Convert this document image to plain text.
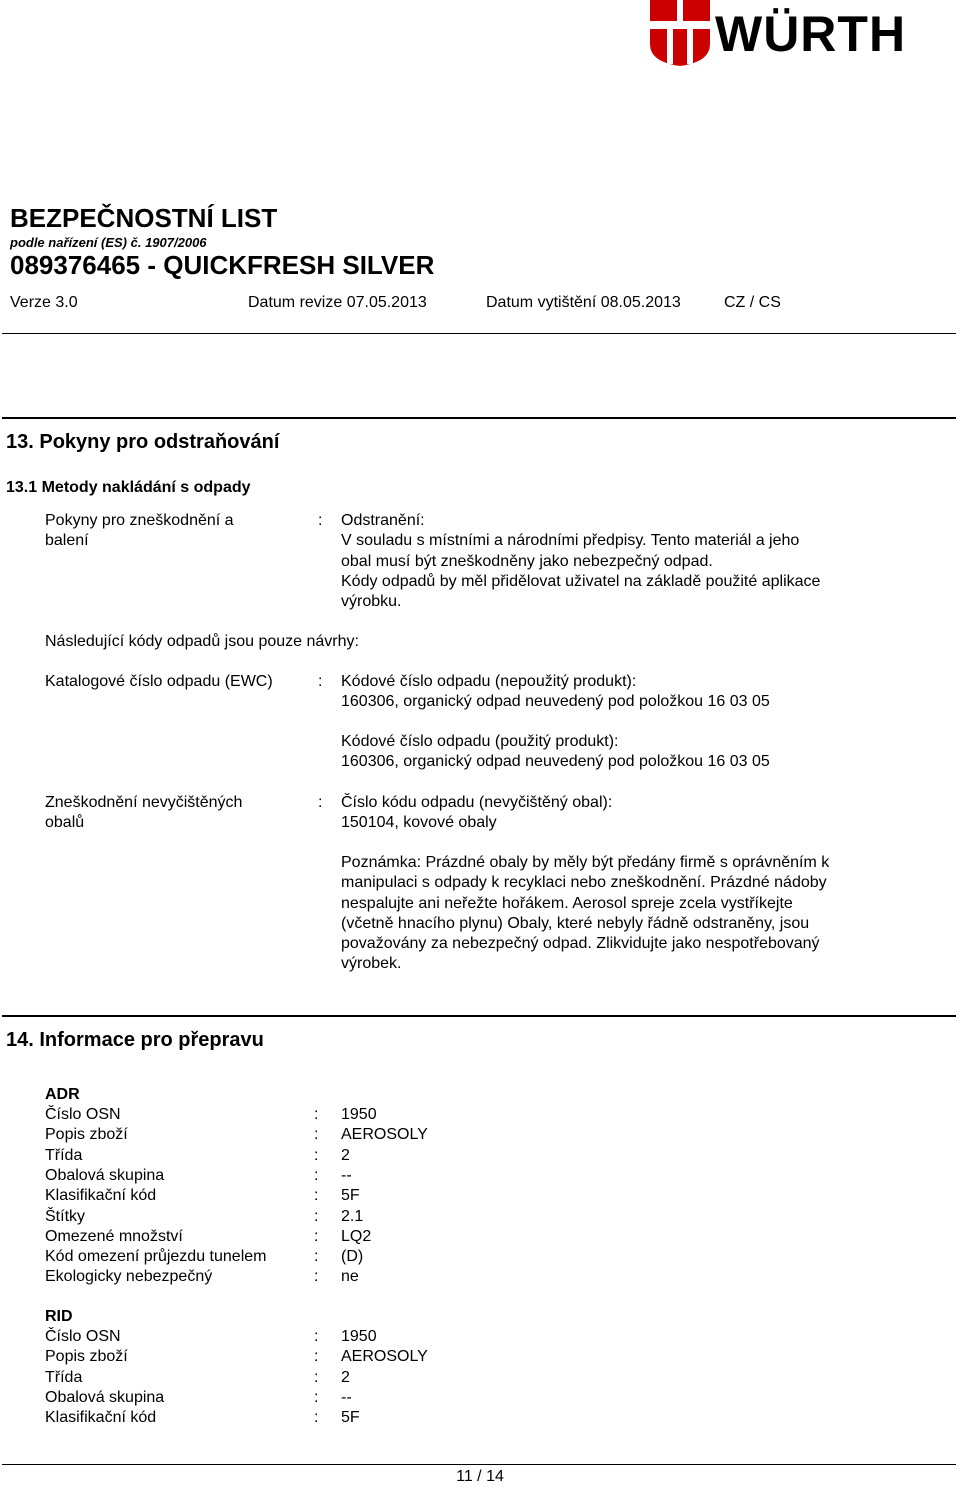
WÜRTH
BEZPEČNOSTNÍ LIST
podle nařízení (ES) č. 1907/2006
089376465 - QUICKFRESH SILVER
Verze 3.0	Datum revize 07.05.2013	Datum vytištění 08.05.2013	CZ / CS
13. Pokyny pro odstraňování
13.1 Metody nakládání s odpady
Pokyny pro zneškodnění a
balení
: Odstranění:
V souladu s místními a národními předpisy. Tento materiál a jeho
obal musí být zneškodněny jako nebezpečný odpad.
Kódy odpadů by měl přidělovat uživatel na základě použité aplikace
výrobku.
Následující kódy odpadů jsou pouze návrhy:
Katalogové číslo odpadu (EWC)	: Kódové číslo odpadu (nepoužitý produkt):
160306, organický odpad neuvedený pod položkou 16 03 05
Kódové číslo odpadu (použitý produkt):
160306, organický odpad neuvedený pod položkou 16 03 05
Zneškodnění nevyčištěných
obalů
: Číslo kódu odpadu (nevyčištěný obal):
150104, kovové obaly
Poznámka: Prázdné obaly by měly být předány firmě s oprávněním k
manipulaci s odpady k recyklaci nebo zneškodnění. Prázdné nádoby
nespalujte ani neřežte hořákem. Aerosol spreje zcela vystříkejte
(včetně hnacího plynu) Obaly, které nebyly řádně odstraněny, jsou
považovány za nebezpečný odpad. Zlikvidujte jako nespotřebovaný
výrobek.
14. Informace pro přepravu
ADR
Číslo OSN	: 1950
Popis zboží	: AEROSOLY
Třída	: 2
Obalová skupina	: --
Klasifikační kód	: 5F
Štítky	: 2.1
Omezené množství	: LQ2
Kód omezení průjezdu tunelem	: (D)
Ekologicky nebezpečný	: ne
RID
Číslo OSN	: 1950
Popis zboží	: AEROSOLY
Třída	: 2
Obalová skupina	: --
Klasifikační kód	: 5F
11 / 14
